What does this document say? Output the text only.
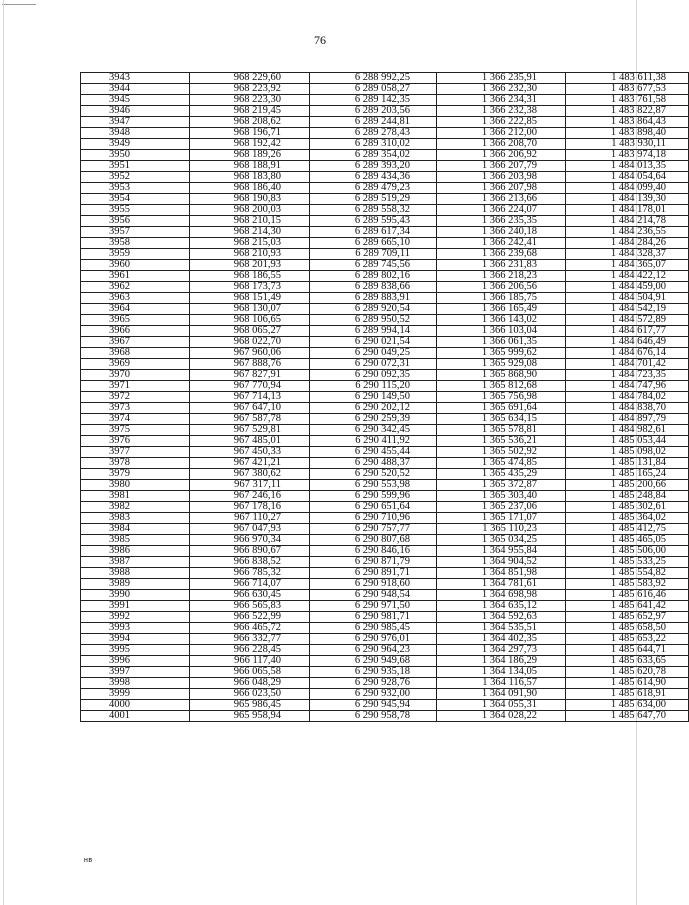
76
3943	968 229,60	6 288 992,25	1 366 235,91	1 483 611,38
3944	968 223,92	6 289 058,27	1 366 232,30	1 483 677,53
3945	968 223,30	6 289 142,35	1 366 234,31	1 483 761,58
3946	968 219,45	6 289 203,56	1 366 232,38	1 483 822,87
3947	968 208,62	6 289 244,81	1 366 222,85	1 483 864,43
3948	968 196,71	6 289 278,43	1 366 212,00	1 483 898,40
3949	968 192,42	6 289 310,02	1 366 208,70	1 483 930,11
3950	968 189,26	6 289 354,02	1 366 206,92	1 483 974,18
3951	968 188,91	6 289 393,20	1 366 207,79	1 484 013,35
3952	968 183,80	6 289 434,36	1 366 203,98	1 484 054,64
3953	968 186,40	6 289 479,23	1 366 207,98	1 484 099,40
3954	968 190,83	6 289 519,29	1 366 213,66	1 484 139,30
3955	968 200,03	6 289 558,32	1 366 224,07	1 484 178,01
3956	968 210,15	6 289 595,43	1 366 235,35	1 484 214,78
3957	968 214,30	6 289 617,34	1 366 240,18	1 484 236,55
3958	968 215,03	6 289 665,10	1 366 242,41	1 484 284,26
3959	968 210,93	6 289 709,11	1 366 239,68	1 484 328,37
3960	968 201,93	6 289 745,56	1 366 231,83	1 484 365,07
3961	968 186,55	6 289 802,16	1 366 218,23	1 484 422,12
3962	968 173,73	6 289 838,66	1 366 206,56	1 484 459,00
3963	968 151,49	6 289 883,91	1 366 185,75	1 484 504,91
3964	968 130,07	6 289 920,54	1 366 165,49	1 484 542,19
3965	968 106,65	6 289 950,52	1 366 143,02	1 484 572,89
3966	968 065,27	6 289 994,14	1 366 103,04	1 484 617,77
3967	968 022,70	6 290 021,54	1 366 061,35	1 484 646,49
3968	967 960,06	6 290 049,25	1 365 999,62	1 484 676,14
3969	967 888,76	6 290 072,31	1 365 929,08	1 484 701,42
3970	967 827,91	6 290 092,35	1 365 868,90	1 484 723,35
3971	967 770,94	6 290 115,20	1 365 812,68	1 484 747,96
3972	967 714,13	6 290 149,50	1 365 756,98	1 484 784,02
3973	967 647,10	6 290 202,12	1 365 691,64	1 484 838,70
3974	967 587,78	6 290 259,39	1 365 634,15	1 484 897,79
3975	967 529,81	6 290 342,45	1 365 578,81	1 484 982,61
3976	967 485,01	6 290 411,92	1 365 536,21	1 485 053,44
3977	967 450,33	6 290 455,44	1 365 502,92	1 485 098,02
3978	967 421,21	6 290 488,37	1 365 474,85	1 485 131,84
3979	967 380,62	6 290 520,52	1 365 435,29	1 485 165,24
3980	967 317,11	6 290 553,98	1 365 372,87	1 485 200,66
3981	967 246,16	6 290 599,96	1 365 303,40	1 485 248,84
3982	967 178,16	6 290 651,64	1 365 237,06	1 485 302,61
3983	967 110,27	6 290 710,96	1 365 171,07	1 485 364,02
3984	967 047,93	6 290 757,77	1 365 110,23	1 485 412,75
3985	966 970,34	6 290 807,68	1 365 034,25	1 485 465,05
3986	966 890,67	6 290 846,16	1 364 955,84	1 485 506,00
3987	966 838,52	6 290 871,79	1 364 904,52	1 485 533,25
3988	966 785,32	6 290 891,71	1 364 851,98	1 485 554,82
3989	966 714,07	6 290 918,60	1 364 781,61	1 485 583,92
3990	966 630,45	6 290 948,54	1 364 698,98	1 485 616,46
3991	966 565,83	6 290 971,50	1 364 635,12	1 485 641,42
3992	966 522,99	6 290 981,71	1 364 592,63	1 485 652,97
3993	966 465,72	6 290 985,45	1 364 535,51	1 485 658,50
3994	966 332,77	6 290 976,01	1 364 402,35	1 485 653,22
3995	966 228,45	6 290 964,23	1 364 297,73	1 485 644,71
3996	966 117,40	6 290 949,68	1 364 186,29	1 485 633,65
3997	966 065,58	6 290 935,18	1 364 134,05	1 485 620,78
3998	966 048,29	6 290 928,76	1 364 116,57	1 485 614,90
3999	966 023,50	6 290 932,00	1 364 091,90	1 485 618,91
4000	965 986,45	6 290 945,94	1 364 055,31	1 485 634,00
4001	965 958,94	6 290 958,78	1 364 028,22	1 485 647,70
нв
